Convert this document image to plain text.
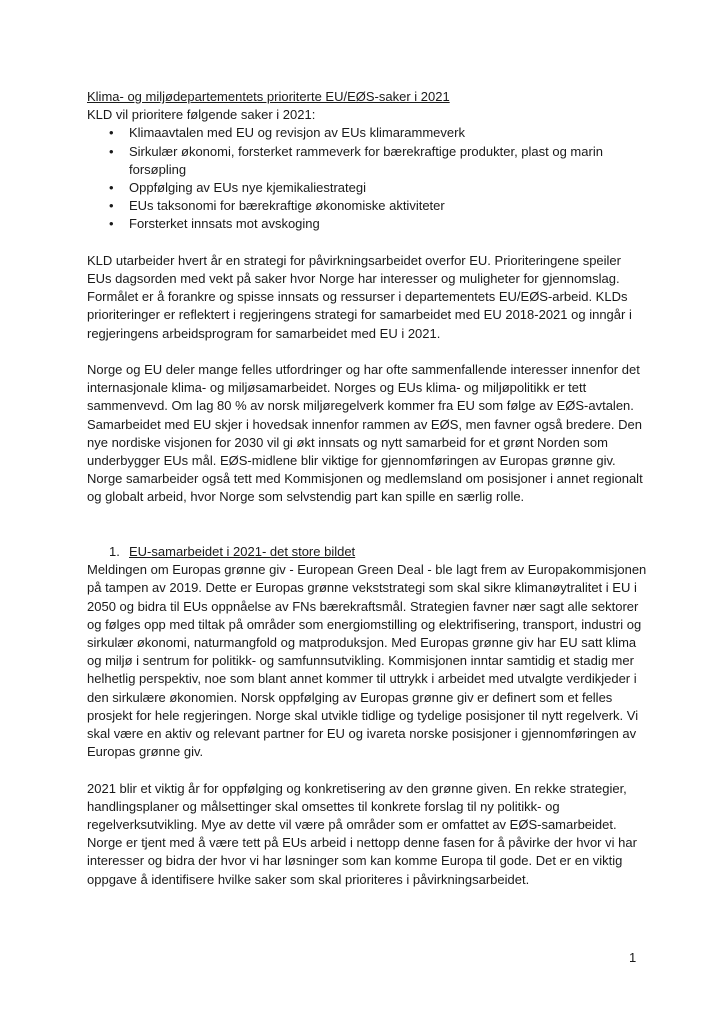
Klima- og miljødepartementets prioriterte EU/EØS-saker i 2021

KLD vil prioritere følgende saker i 2021:

• Klimaavtalen med EU og revisjon av EUs klimarammeverk
• Sirkulær økonomi, forsterket rammeverk for bærekraftige produkter, plast og marin forsøpling
• Oppfølging av EUs nye kjemikaliestrategi
• EUs taksonomi for bærekraftige økonomiske aktiviteter
• Forsterket innsats mot avskoging

KLD utarbeider hvert år en strategi for påvirkningsarbeidet overfor EU. Prioriteringene speiler EUs dagsorden med vekt på saker hvor Norge har interesser og muligheter for gjennomslag. Formålet er å forankre og spisse innsats og ressurser i departementets EU/EØS-arbeid. KLDs prioriteringer er reflektert i regjeringens strategi for samarbeidet med EU 2018-2021 og inngår i regjeringens arbeidsprogram for samarbeidet med EU i 2021.

Norge og EU deler mange felles utfordringer og har ofte sammenfallende interesser innenfor det internasjonale klima- og miljøsamarbeidet. Norges og EUs klima- og miljøpolitikk er tett sammenvevd. Om lag 80 % av norsk miljøregelverk kommer fra EU som følge av EØS-avtalen. Samarbeidet med EU skjer i hovedsak innenfor rammen av EØS, men favner også bredere. Den nye nordiske visjonen for 2030 vil gi økt innsats og nytt samarbeid for et grønt Norden som underbygger EUs mål. EØS-midlene blir viktige for gjennomføringen av Europas grønne giv. Norge samarbeider også tett med Kommisjonen og medlemsland om posisjoner i annet regionalt og globalt arbeid, hvor Norge som selvstendig part kan spille en særlig rolle.

1. EU-samarbeidet i 2021- det store bildet

Meldingen om Europas grønne giv - European Green Deal - ble lagt frem av Europakommisjonen på tampen av 2019. Dette er Europas grønne vekststrategi som skal sikre klimanøytralitet i EU i 2050 og bidra til EUs oppnåelse av FNs bærekraftsmål. Strategien favner nær sagt alle sektorer og følges opp med tiltak på områder som energiomstilling og elektrifisering, transport, industri og sirkulær økonomi, naturmangfold og matproduksjon. Med Europas grønne giv har EU satt klima og miljø i sentrum for politikk- og samfunnsutvikling. Kommisjonen inntar samtidig et stadig mer helhetlig perspektiv, noe som blant annet kommer til uttrykk i arbeidet med utvalgte verdikjeder i den sirkulære økonomien. Norsk oppfølging av Europas grønne giv er definert som et felles prosjekt for hele regjeringen. Norge skal utvikle tidlige og tydelige posisjoner til nytt regelverk. Vi skal være en aktiv og relevant partner for EU og ivareta norske posisjoner i gjennomføringen av Europas grønne giv.

2021 blir et viktig år for oppfølging og konkretisering av den grønne given. En rekke strategier, handlingsplaner og målsettinger skal omsettes til konkrete forslag til ny politikk- og regelverksutvikling. Mye av dette vil være på områder som er omfattet av EØS-samarbeidet. Norge er tjent med å være tett på EUs arbeid i nettopp denne fasen for å påvirke der hvor vi har interesser og bidra der hvor vi har løsninger som kan komme Europa til gode. Det er en viktig oppgave å identifisere hvilke saker som skal prioriteres i påvirkningsarbeidet.

1
